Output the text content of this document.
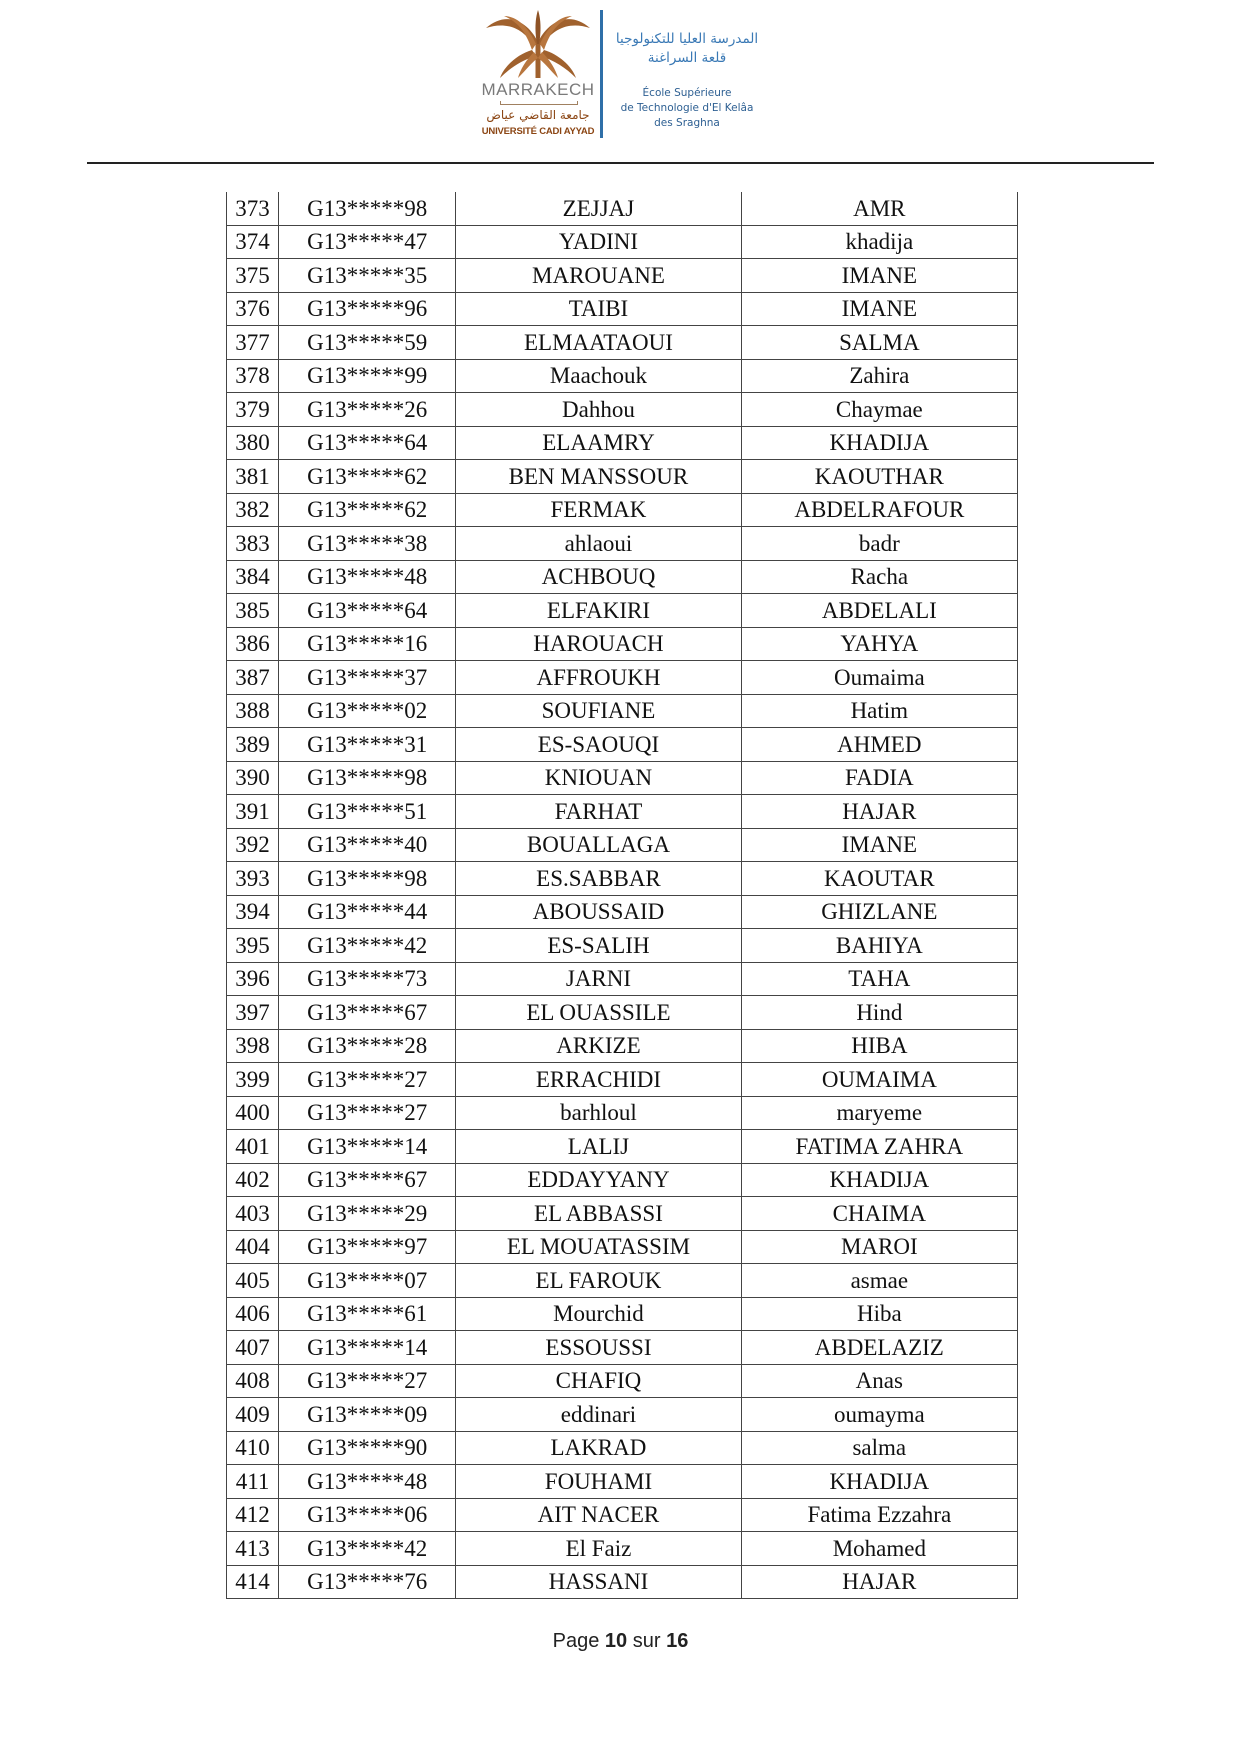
MARRAKECH
جامعة القاضي عياض
UNIVERSITÉ CADI AYYAD
المدرسة العليا للتكنولوجيا
قلعة السراغنة
École Supérieure
de Technologie d'El Kelâa
des Sraghna
373	G13*****98	ZEJJAJ	AMR
374	G13*****47	YADINI	khadija
375	G13*****35	MAROUANE	IMANE
376	G13*****96	TAIBI	IMANE
377	G13*****59	ELMAATAOUI	SALMA
378	G13*****99	Maachouk	Zahira
379	G13*****26	Dahhou	Chaymae
380	G13*****64	ELAAMRY	KHADIJA
381	G13*****62	BEN MANSSOUR	KAOUTHAR
382	G13*****62	FERMAK	ABDELRAFOUR
383	G13*****38	ahlaoui	badr
384	G13*****48	ACHBOUQ	Racha
385	G13*****64	ELFAKIRI	ABDELALI
386	G13*****16	HAROUACH	YAHYA
387	G13*****37	AFFROUKH	Oumaima
388	G13*****02	SOUFIANE	Hatim
389	G13*****31	ES-SAOUQI	AHMED
390	G13*****98	KNIOUAN	FADIA
391	G13*****51	FARHAT	HAJAR
392	G13*****40	BOUALLAGA	IMANE
393	G13*****98	ES.SABBAR	KAOUTAR
394	G13*****44	ABOUSSAID	GHIZLANE
395	G13*****42	ES-SALIH	BAHIYA
396	G13*****73	JARNI	TAHA
397	G13*****67	EL OUASSILE	Hind
398	G13*****28	ARKIZE	HIBA
399	G13*****27	ERRACHIDI	OUMAIMA
400	G13*****27	barhloul	maryeme
401	G13*****14	LALIJ	FATIMA ZAHRA
402	G13*****67	EDDAYYANY	KHADIJA
403	G13*****29	EL ABBASSI	CHAIMA
404	G13*****97	EL MOUATASSIM	MAROI
405	G13*****07	EL FAROUK	asmae
406	G13*****61	Mourchid	Hiba
407	G13*****14	ESSOUSSI	ABDELAZIZ
408	G13*****27	CHAFIQ	Anas
409	G13*****09	eddinari	oumayma
410	G13*****90	LAKRAD	salma
411	G13*****48	FOUHAMI	KHADIJA
412	G13*****06	AIT NACER	Fatima Ezzahra
413	G13*****42	El Faiz	Mohamed
414	G13*****76	HASSANI	HAJAR
Page 10 sur 16
